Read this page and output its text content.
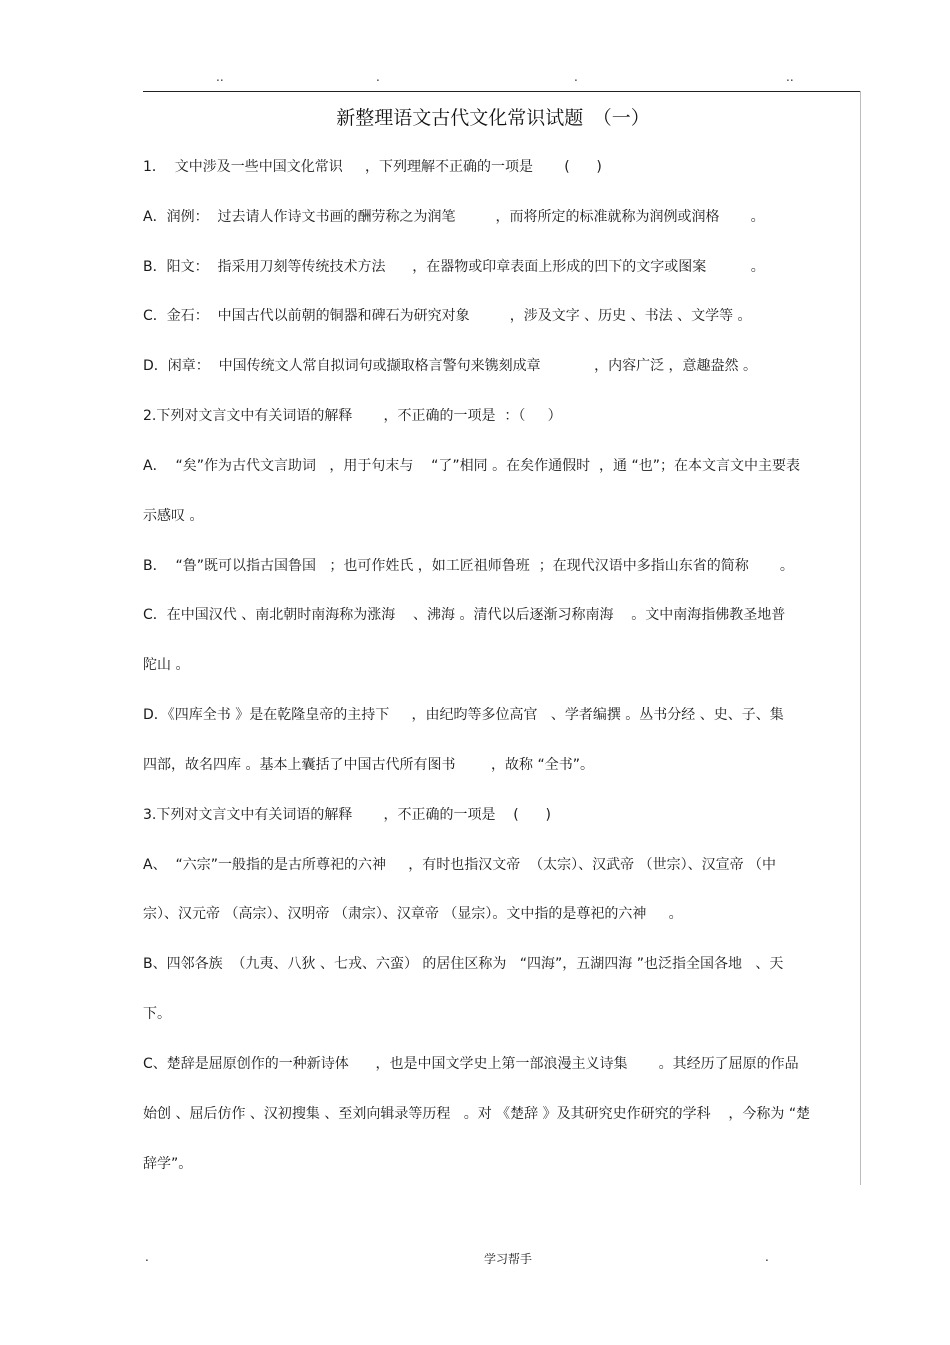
..	.	.	..
新整理语文古代文化常识试题　（一）
1．  文中涉及一些中国文化常识     ，下列理解不正确的一项是       (      )
A．润例：  过去请人作诗文书画的酬劳称之为润笔         ，而将所定的标准就称为润例或润格       。
B．阳文：  指采用刀刻等传统技术方法      ，在器物或印章表面上形成的凹下的文字或图案          。
C．金石：  中国古代以前朝的铜器和碑石为研究对象         ，涉及文字 、历史 、书法 、文学等 。
D．闲章：  中国传统文人常自拟词句或撷取格言警句来镌刻成章            ，内容广泛 ，意趣盎然 。
2.下列对文言文中有关词语的解释       ，不正确的一项是  ：（     ）
A．  “矣”作为古代文言助词   ，用于句末与    “了”相同 。在矣作通假时  ，通 “也”；在本文言文中主要表
示感叹 。
B．  “鲁”既可以指古国鲁国   ；也可作姓氏 ，如工匠祖师鲁班  ；在现代汉语中多指山东省的简称       。
C．在中国汉代 、南北朝时南海称为涨海    、沸海 。清代以后逐渐习称南海    。文中南海指佛教圣地普
陀山 。
D．《四库全书 》是在乾隆皇帝的主持下     ，由纪昀等多位高官   、学者编撰 。丛书分经 、史、子、集
四部，故名四库 。基本上囊括了中国古代所有图书        ，故称 “全书”。
3.下列对文言文中有关词语的解释       ，不正确的一项是    (      )
A、  “六宗”一般指的是古所尊祀的六神     ，有时也指汉文帝  （太宗）、汉武帝 （世宗）、汉宣帝 （中
宗）、汉元帝 （高宗）、汉明帝 （肃宗）、汉章帝 （显宗）。文中指的是尊祀的六神     。
B、四邻各族  （九夷、八狄 、七戎、六蛮） 的居住区称为   “四海”，五湖四海 ”也泛指全国各地   、天
下。
C、楚辞是屈原创作的一种新诗体      ，也是中国文学史上第一部浪漫主义诗集       。其经历了屈原的作品
始创 、屈后仿作 、汉初搜集 、至刘向辑录等历程   。对 《楚辞 》及其研究史作研究的学科    ，今称为 “楚
辞学”。
.	学习帮手	.
